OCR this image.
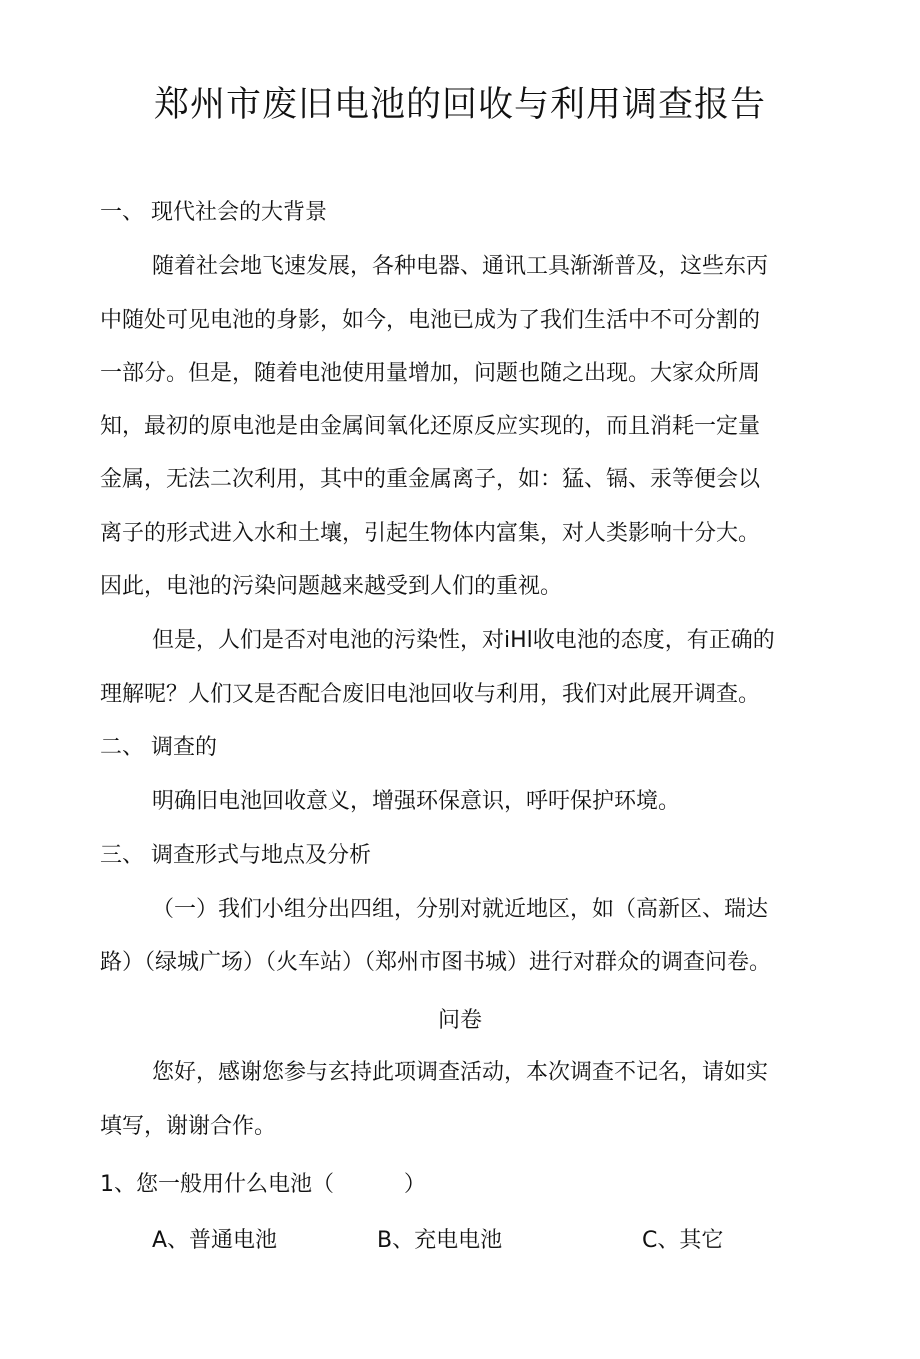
郑州市废旧电池的回收与利用调查报告
一、 现代社会的大背景
随着社会地飞速发展，各种电器、通讯工具渐渐普及，这些东丙
中随处可见电池的身影，如今，电池已成为了我们生活中不可分割的
一部分。但是，随着电池使用量增加，问题也随之出现。大家众所周
知，最初的原电池是由金属间氧化还原反应实现的，而且消耗一定量
金属，无法二次利用，其中的重金属离子，如：猛、镉、汞等便会以
离子的形式进入水和土壤，引起生物体内富集，对人类影响十分大。
因此，电池的污染问题越来越受到人们的重视。
但是，人们是否对电池的污染性，对iHl收电池的态度，有正确的
理解呢？人们又是否配合废旧电池回收与利用，我们对此展开调查。
二、 调查的
明确旧电池回收意义，增强环保意识，呼吁保护环境。
三、 调查形式与地点及分析
（一）我们小组分出四组，分别对就近地区，如（高新区、瑞达
路）（绿城广场）（火车站）（郑州市图书城）进行对群众的调查问卷。
问卷
您好，感谢您参与玄持此项调查活动，本次调查不记名，请如实
填写，谢谢合作。
1、您一般用什么电池（          ）
A、普通电池	B、充电电池	C、其它
